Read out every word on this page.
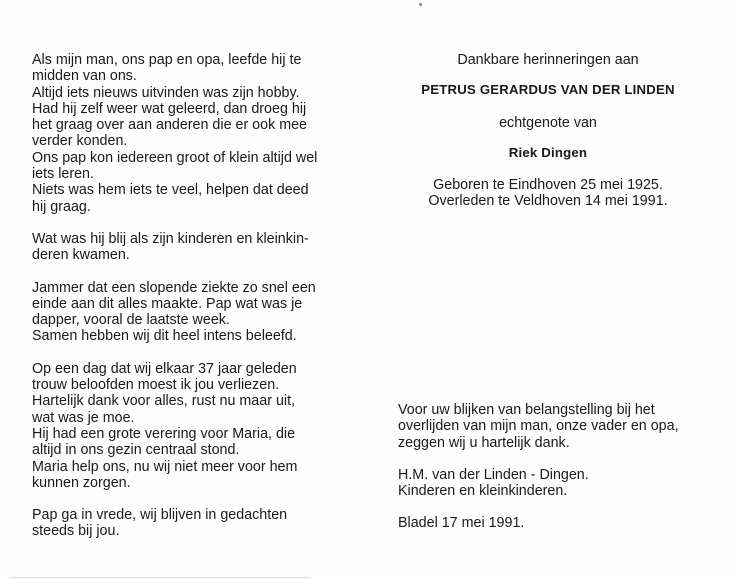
Als mijn man, ons pap en opa, leefde hij te
midden van ons.
Altijd iets nieuws uitvinden was zijn hobby.
Had hij zelf weer wat geleerd, dan droeg hij
het graag over aan anderen die er ook mee
verder konden.
Ons pap kon iedereen groot of klein altijd wel
iets leren.
Niets was hem iets te veel, helpen dat deed
hij graag.

Wat was hij blij als zijn kinderen en kleinkin-
deren kwamen.

Jammer dat een slopende ziekte zo snel een
einde aan dit alles maakte. Pap wat was je
dapper, vooral de laatste week.
Samen hebben wij dit heel intens beleefd.

Op een dag dat wij elkaar 37 jaar geleden
trouw beloofden moest ik jou verliezen.
Hartelijk dank voor alles, rust nu maar uit,
wat was je moe.
Hij had een grote verering voor Maria, die
altijd in ons gezin centraal stond.
Maria help ons, nu wij niet meer voor hem
kunnen zorgen.

Pap ga in vrede, wij blijven in gedachten
steeds bij jou.

Dankbare herinneringen aan
PETRUS GERARDUS VAN DER LINDEN
echtgenote van
Riek Dingen
Geboren te Eindhoven 25 mei 1925.
Overleden te Veldhoven 14 mei 1991.

Voor uw blijken van belangstelling bij het
overlijden van mijn man, onze vader en opa,
zeggen wij u hartelijk dank.

H.M. van der Linden - Dingen.
Kinderen en kleinkinderen.

Bladel 17 mei 1991.
